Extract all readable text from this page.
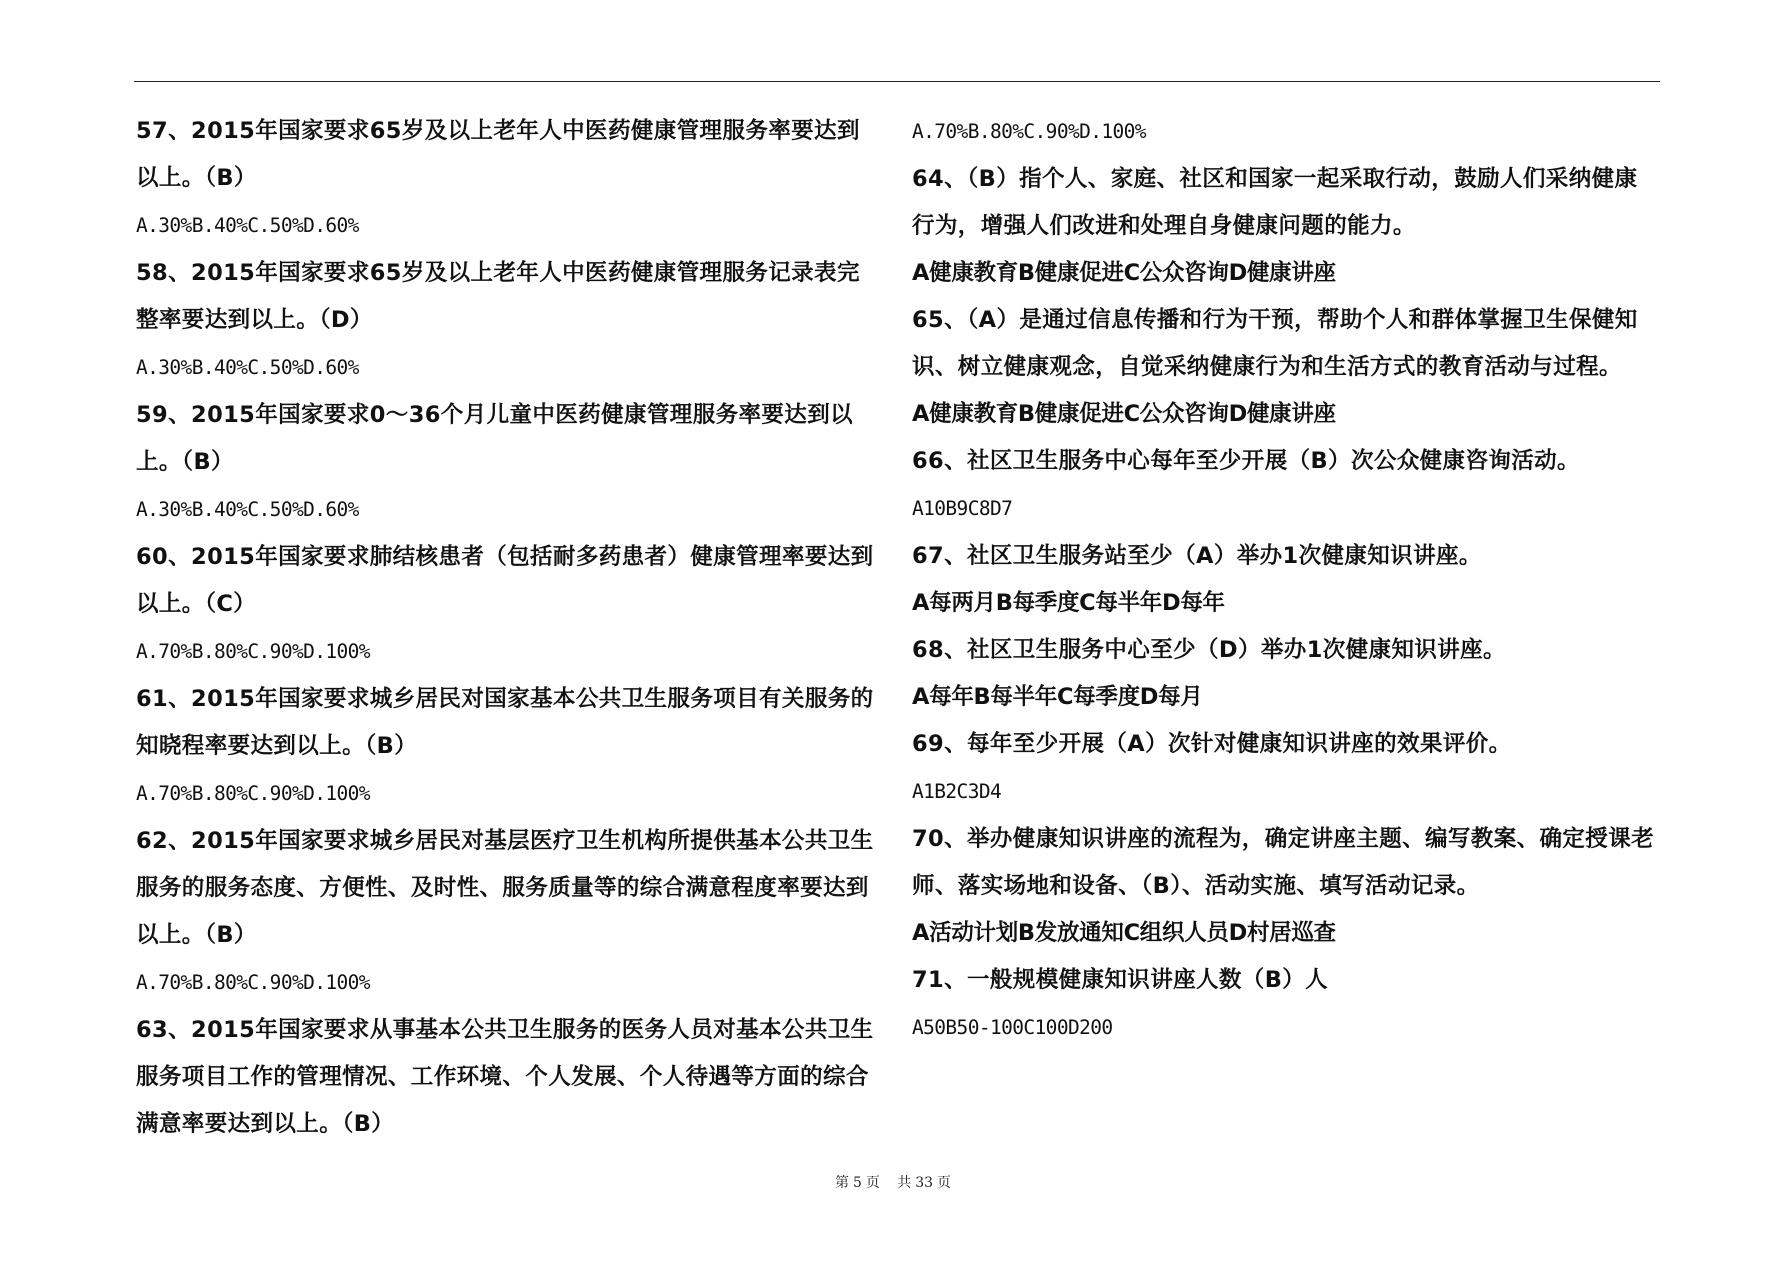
57、2015年国家要求65岁及以上老年人中医药健康管理服务率要达到以上。（B）

A.30%B.40%C.50%D.60%

58、2015年国家要求65岁及以上老年人中医药健康管理服务记录表完整率要达到以上。（D）

A.30%B.40%C.50%D.60%

59、2015年国家要求0～36个月儿童中医药健康管理服务率要达到以上。（B）

A.30%B.40%C.50%D.60%

60、2015年国家要求肺结核患者（包括耐多药患者）健康管理率要达到以上。（C）

A.70%B.80%C.90%D.100%

61、2015年国家要求城乡居民对国家基本公共卫生服务项目有关服务的知晓程率要达到以上。（B）

A.70%B.80%C.90%D.100%

62、2015年国家要求城乡居民对基层医疗卫生机构所提供基本公共卫生服务的服务态度、方便性、及时性、服务质量等的综合满意程度率要达到以上。（B）

A.70%B.80%C.90%D.100%

63、2015年国家要求从事基本公共卫生服务的医务人员对基本公共卫生服务项目工作的管理情况、工作环境、个人发展、个人待遇等方面的综合满意率要达到以上。（B）

A.70%B.80%C.90%D.100%

64、（B）指个人、家庭、社区和国家一起采取行动，鼓励人们采纳健康行为，增强人们改进和处理自身健康问题的能力。

A健康教育B健康促进C公众咨询D健康讲座

65、（A）是通过信息传播和行为干预，帮助个人和群体掌握卫生保健知识、树立健康观念，自觉采纳健康行为和生活方式的教育活动与过程。

A健康教育B健康促进C公众咨询D健康讲座

66、社区卫生服务中心每年至少开展（B）次公众健康咨询活动。

A10B9C8D7

67、社区卫生服务站至少（A）举办1次健康知识讲座。

A每两月B每季度C每半年D每年

68、社区卫生服务中心至少（D）举办1次健康知识讲座。

A每年B每半年C每季度D每月

69、每年至少开展（A）次针对健康知识讲座的效果评价。

A1B2C3D4

70、举办健康知识讲座的流程为，确定讲座主题、编写教案、确定授课老师、落实场地和设备、（B）、活动实施、填写活动记录。

A活动计划B发放通知C组织人员D村居巡查

71、一般规模健康知识讲座人数（B）人

A50B50-100C100D200

第 5 页 共 33 页
